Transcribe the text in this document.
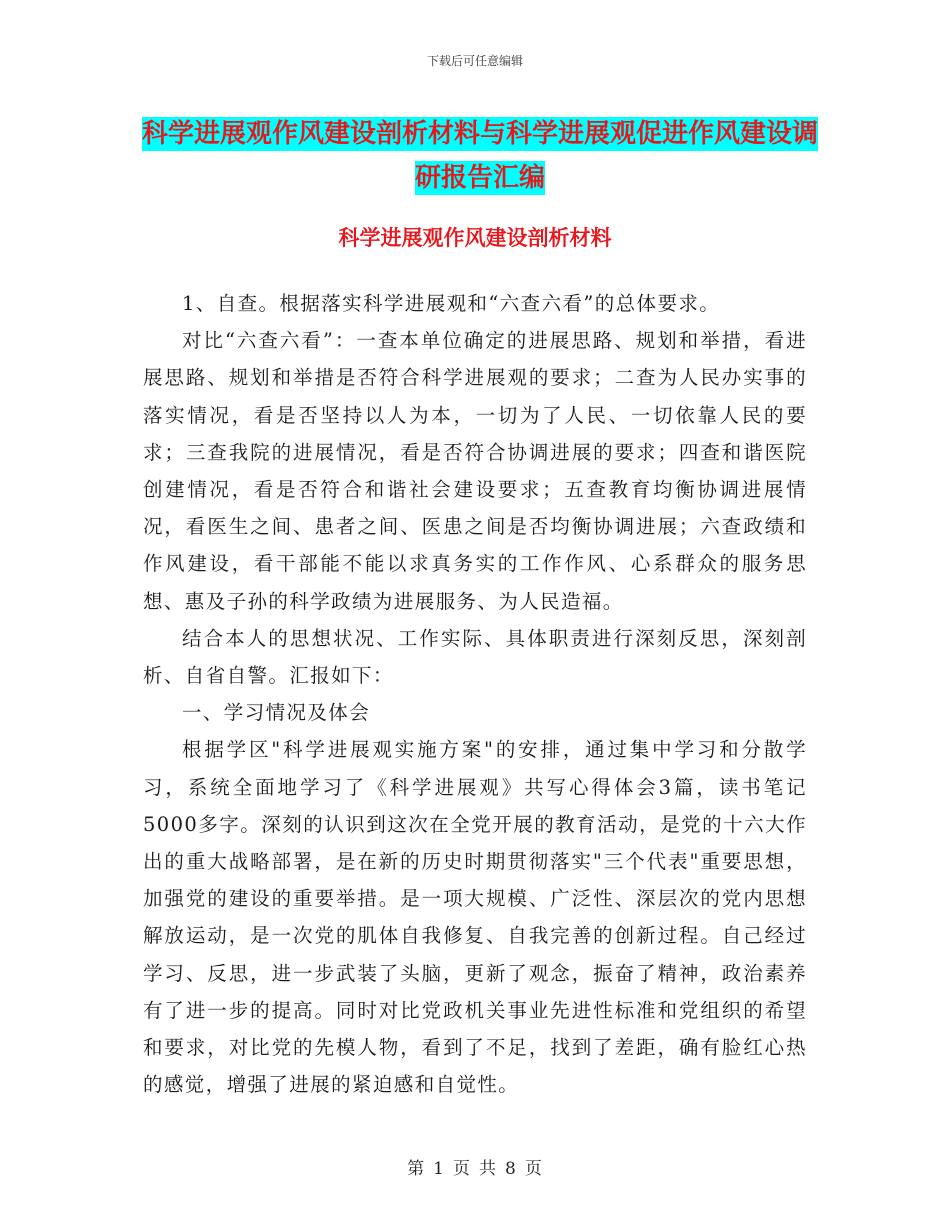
下载后可任意编辑
科学进展观作风建设剖析材料与科学进展观促进作风建设调研报告汇编
科学进展观作风建设剖析材料

1、自查。根据落实科学进展观和“六查六看”的总体要求。

对比“六查六看”：一查本单位确定的进展思路、规划和举措，看进展思路、规划和举措是否符合科学进展观的要求；二查为人民办实事的落实情况，看是否坚持以人为本，一切为了人民、一切依靠人民的要求；三查我院的进展情况，看是否符合协调进展的要求；四查和谐医院创建情况，看是否符合和谐社会建设要求；五查教育均衡协调进展情况，看医生之间、患者之间、医患之间是否均衡协调进展；六查政绩和作风建设，看干部能不能以求真务实的工作作风、心系群众的服务思想、惠及子孙的科学政绩为进展服务、为人民造福。

结合本人的思想状况、工作实际、具体职责进行深刻反思，深刻剖析、自省自警。汇报如下：

一、学习情况及体会

根据学区"科学进展观实施方案"的安排，通过集中学习和分散学习，系统全面地学习了《科学进展观》共写心得体会3篇，读书笔记5000多字。深刻的认识到这次在全党开展的教育活动，是党的十六大作出的重大战略部署，是在新的历史时期贯彻落实"三个代表"重要思想，加强党的建设的重要举措。是一项大规模、广泛性、深层次的党内思想解放运动，是一次党的肌体自我修复、自我完善的创新过程。自己经过学习、反思，进一步武装了头脑，更新了观念，振奋了精神，政治素养有了进一步的提高。同时对比党政机关事业先进性标准和党组织的希望和要求，对比党的先模人物，看到了不足，找到了差距，确有脸红心热的感觉，增强了进展的紧迫感和自觉性。

第 1 页 共 8 页
